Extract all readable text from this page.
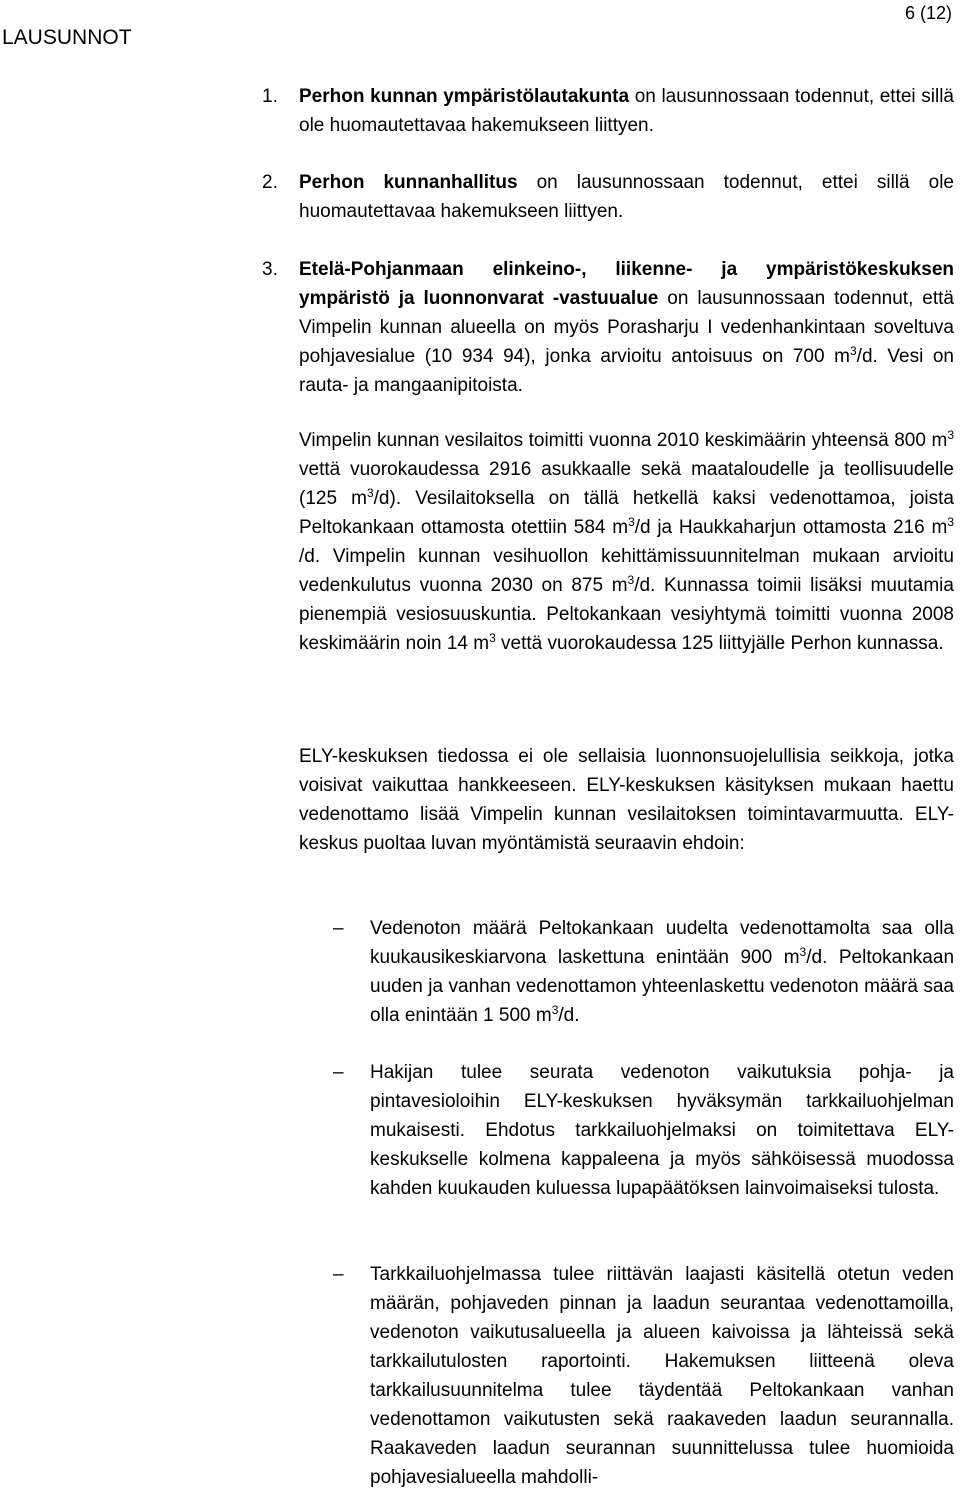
LAUSUNNOT
6 (12)
1. Perhon kunnan ympäristölautakunta on lausunnossaan todennut, ettei sillä ole huomautettavaa hakemukseen liittyen.
2. Perhon kunnanhallitus on lausunnossaan todennut, ettei sillä ole huomautettavaa hakemukseen liittyen.
3. Etelä-Pohjanmaan elinkeino-, liikenne- ja ympäristökeskuksen ympäristö ja luonnonvarat -vastuualue on lausunnossaan todennut, että Vimpelin kunnan alueella on myös Porasharju I vedenhankintaan soveltuva pohjavesialue (10 934 94), jonka arvioitu antoisuus on 700 $m^3/d$. Vesi on rauta- ja mangaanipitoista.
Vimpelin kunnan vesilaitos toimitti vuonna 2010 keskimäärin yhteensä 800 $m^3$ vettä vuorokaudessa 2916 asukkaalle sekä maataloudelle ja teollisuudelle (125 $m^3/d$). Vesilaitoksella on tällä hetkellä kaksi vedenottamoa, joista Peltokankaan ottamosta otettiin 584 $m^3/d$ ja Haukkaharjun ottamosta 216 $m^3$ /d. Vimpelin kunnan vesihuollon kehittämissuunnitelman mukaan arvioitu vedenkulutus vuonna 2030 on 875 $m^3/d$. Kunnassa toimii lisäksi muutamia pienempiä vesiosuuskuntia. Peltokankaan vesiyhtymä toimitti vuonna 2008 keskimäärin noin 14 $m^3$ vettä vuorokaudessa 125 liittyjälle Perhon kunnassa.
ELY-keskuksen tiedossa ei ole sellaisia luonnonsuojelullisia seikkoja, jotka voisivat vaikuttaa hankkeeseen. ELY-keskuksen käsityksen mukaan haettu vedenottamo lisää Vimpelin kunnan vesilaitoksen toimintavarmuutta. ELY-keskus puoltaa luvan myöntämistä seuraavin ehdoin:
– Vedenoton määrä Peltokankaan uudelta vedenottamolta saa olla kuukausikeskiarvona laskettuna enintään 900 $m^3/d$. Peltokankaan uuden ja vanhan vedenottamon yhteenlaskettu vedenoton määrä saa olla enintään 1 500 $m^3/d$.
– Hakijan tulee seurata vedenoton vaikutuksia pohja- ja pintavesioloihin ELY-keskuksen hyväksymän tarkkailuohjelman mukaisesti. Ehdotus tarkkailuohjelmaksi on toimitettava ELY-keskukselle kolmena kappaleena ja myös sähköisessä muodossa kahden kuukauden kuluessa lupapäätöksen lainvoimaiseksi tulosta.
– Tarkkailuohjelmassa tulee riittävän laajasti käsitellä otetun veden määrän, pohjaveden pinnan ja laadun seurantaa vedenottamoilla, vedenoton vaikutusalueella ja alueen kaivoissa ja lähteissä sekä tarkkailutulosten raportointi. Hakemuksen liitteenä oleva tarkkailusuunnitelma tulee täydentää Peltokankaan vanhan vedenottamon vaikutusten sekä raakaveden laadun seurannalla. Raakaveden laadun seurannan suunnittelussa tulee huomioida pohjavesialueella mahdolli-
